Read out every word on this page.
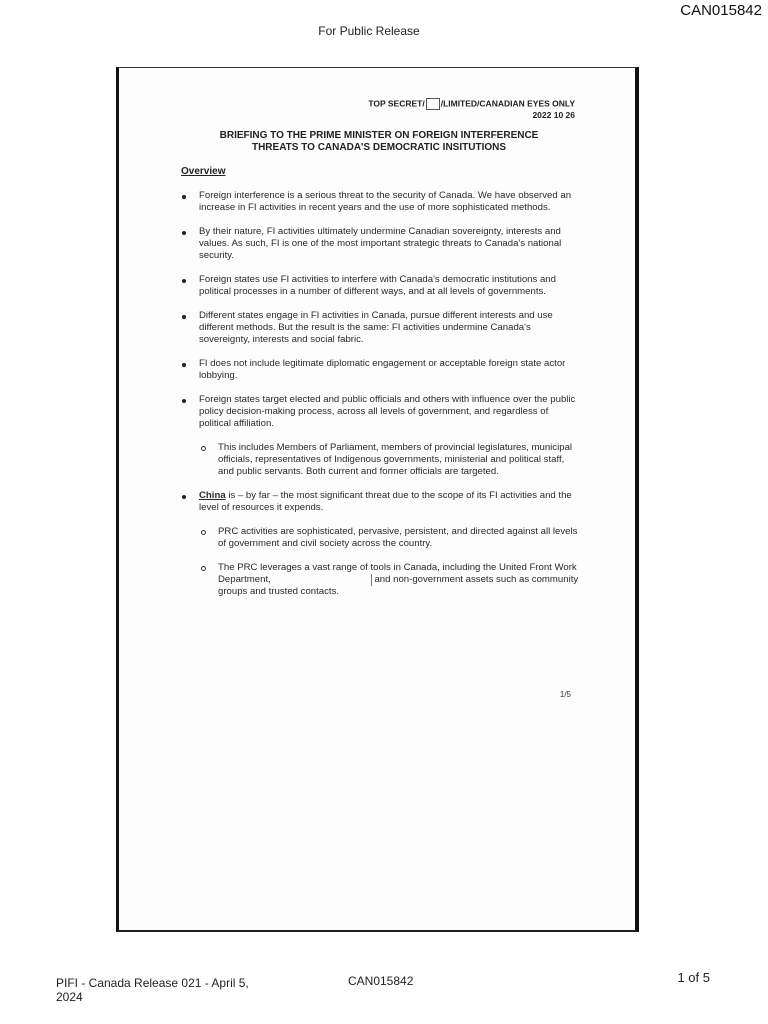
CAN015842
For Public Release
TOP SECRET/ /LIMITED/CANADIAN EYES ONLY
2022 10 26
BRIEFING TO THE PRIME MINISTER ON FOREIGN INTERFERENCE
THREATS TO CANADA'S DEMOCRATIC INSITUTIONS
Overview
Foreign interference is a serious threat to the security of Canada. We have observed an increase in FI activities in recent years and the use of more sophisticated methods.
By their nature, FI activities ultimately undermine Canadian sovereignty, interests and values. As such, FI is one of the most important strategic threats to Canada's national security.
Foreign states use FI activities to interfere with Canada's democratic institutions and political processes in a number of different ways, and at all levels of governments.
Different states engage in FI activities in Canada, pursue different interests and use different methods. But the result is the same: FI activities undermine Canada's sovereignty, interests and social fabric.
FI does not include legitimate diplomatic engagement or acceptable foreign state actor lobbying.
Foreign states target elected and public officials and others with influence over the public policy decision-making process, across all levels of government, and regardless of political affiliation.
This includes Members of Parliament, members of provincial legislatures, municipal officials, representatives of Indigenous governments, ministerial and political staff, and public servants. Both current and former officials are targeted.
China is – by far – the most significant threat due to the scope of its FI activities and the level of resources it expends.
PRC activities are sophisticated, pervasive, persistent, and directed against all levels of government and civil society across the country.
The PRC leverages a vast range of tools in Canada, including the United Front Work Department,	and non-government assets such as community groups and trusted contacts.
1/5
PIFI - Canada Release 021 - April 5, 2024
CAN015842	1 of 5
